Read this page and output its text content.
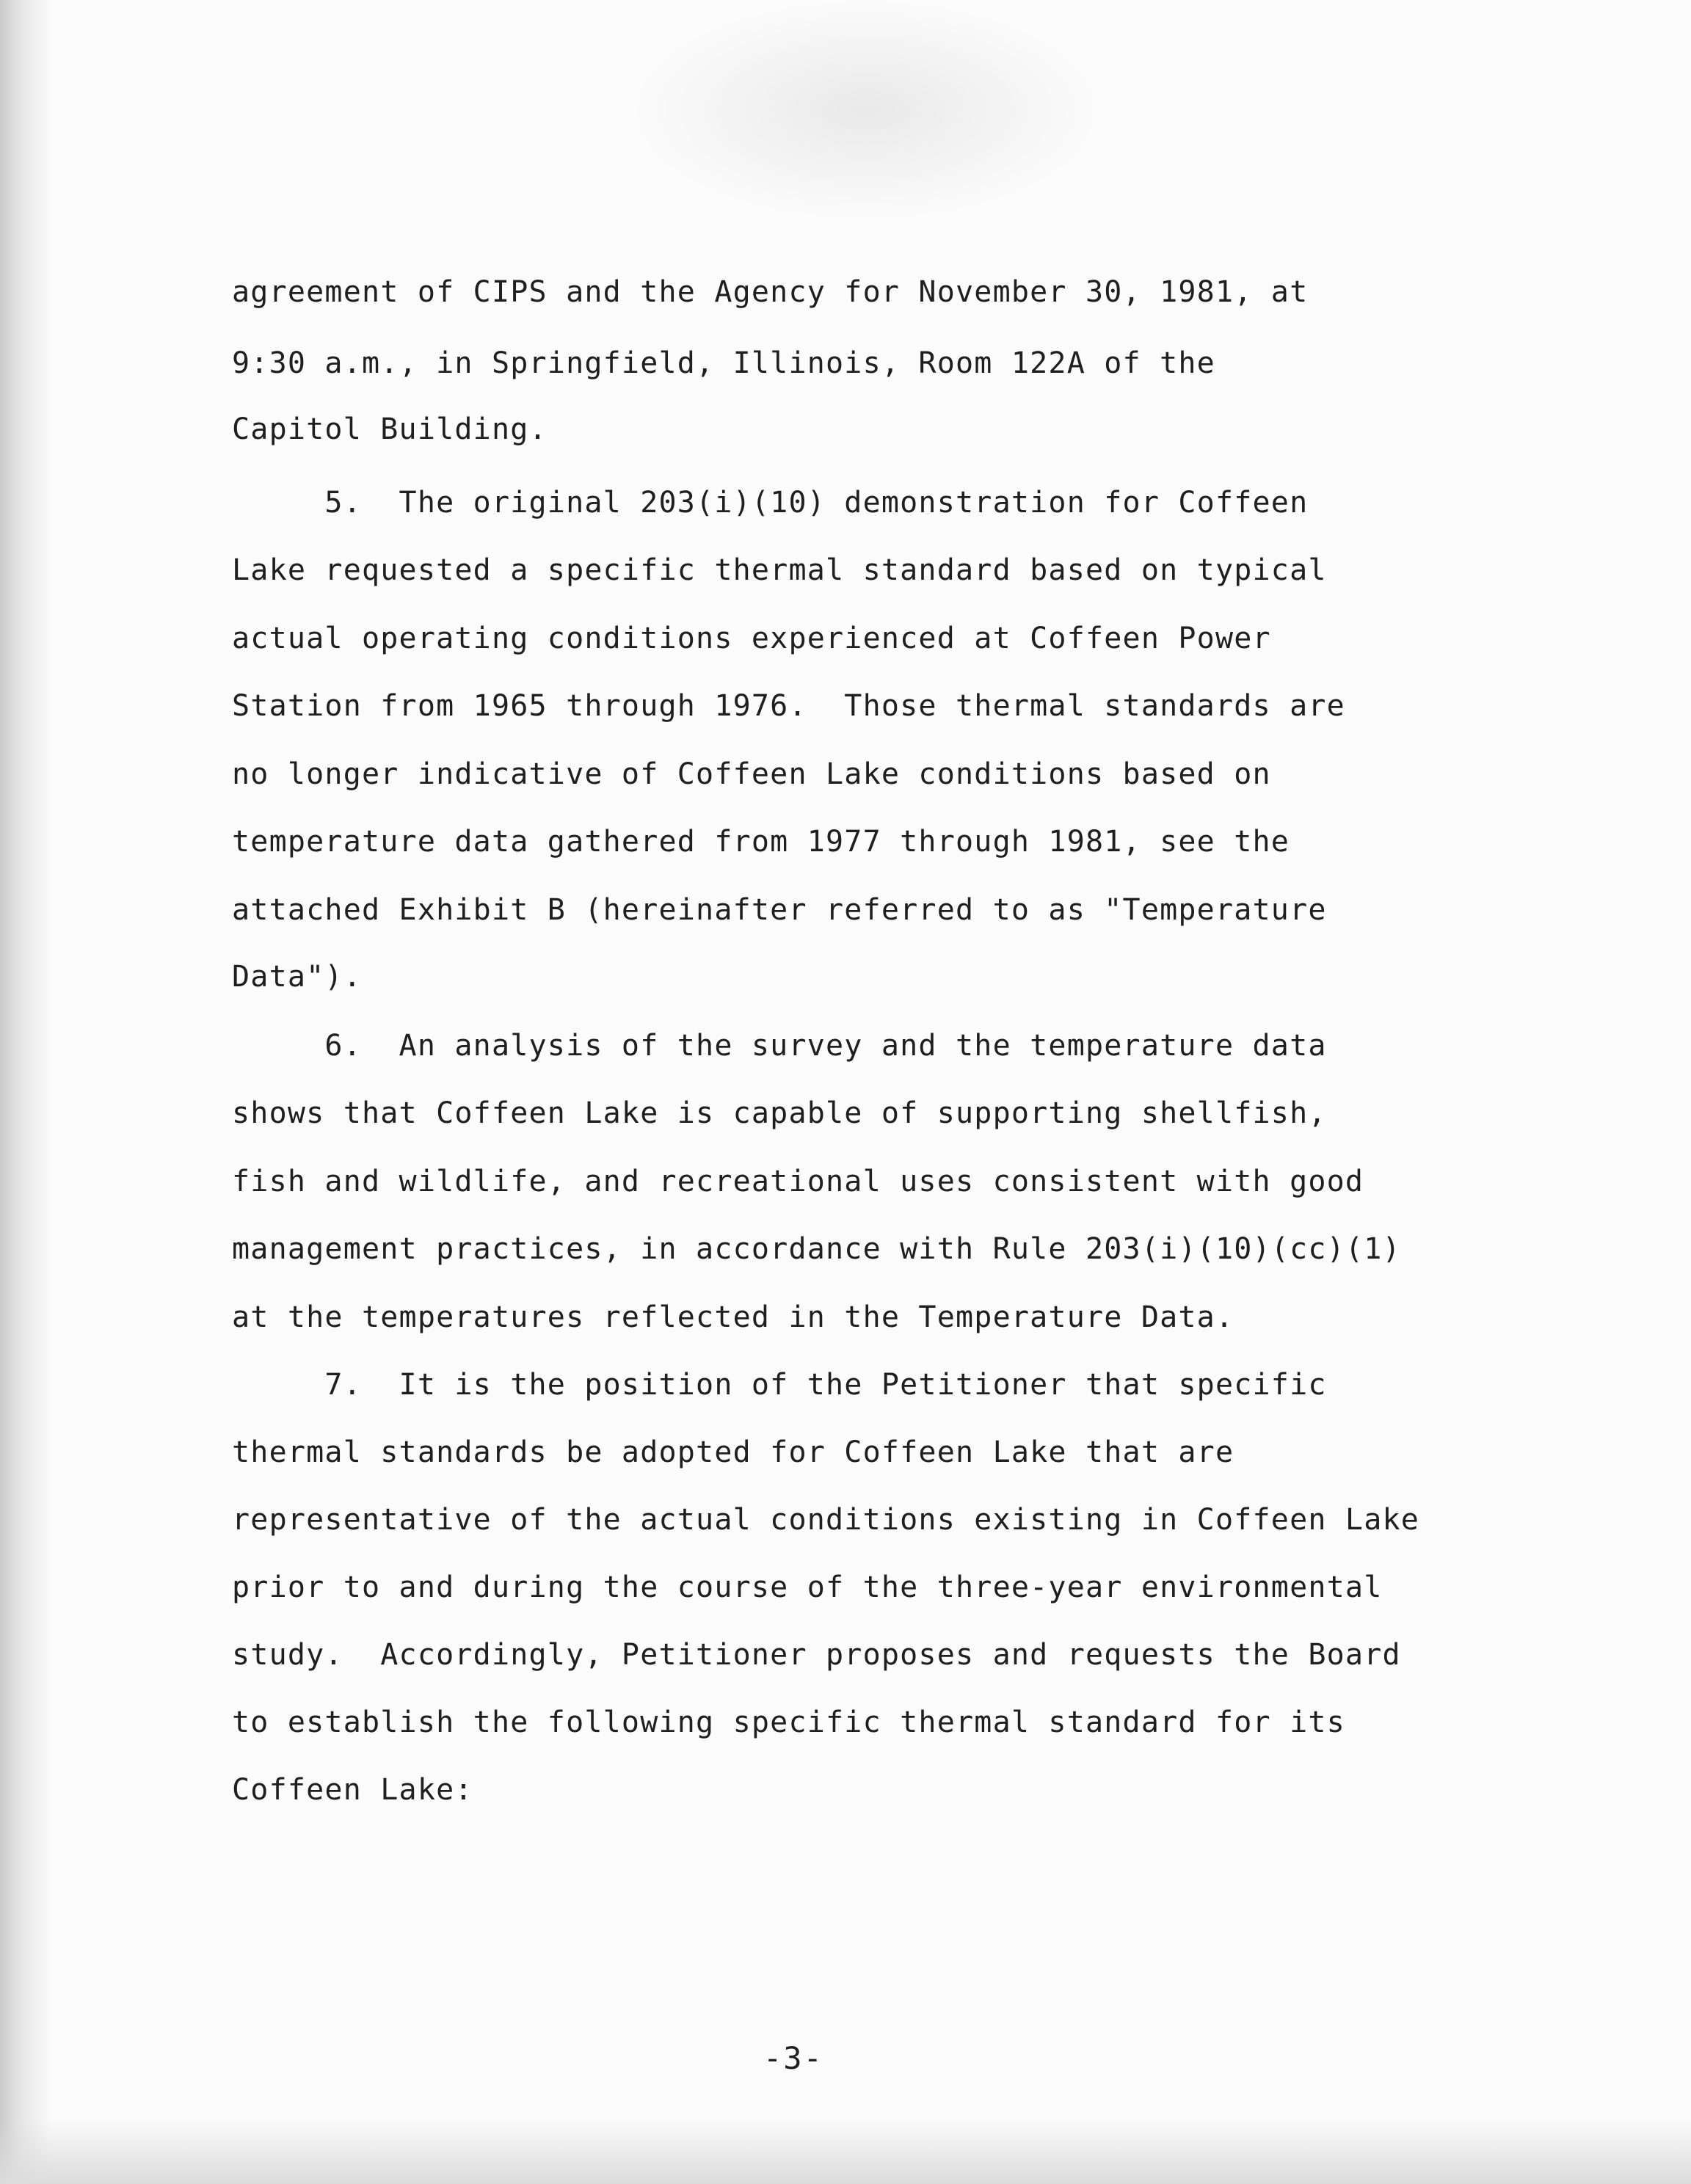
agreement of CIPS and the Agency for November 30, 1981, at
9:30 a.m., in Springfield, Illinois, Room 122A of the
Capitol Building.
5.  The original 203(i)(10) demonstration for Coffeen
Lake requested a specific thermal standard based on typical
actual operating conditions experienced at Coffeen Power
Station from 1965 through 1976.  Those thermal standards are
no longer indicative of Coffeen Lake conditions based on
temperature data gathered from 1977 through 1981, see the
attached Exhibit B (hereinafter referred to as "Temperature
Data").
6.  An analysis of the survey and the temperature data
shows that Coffeen Lake is capable of supporting shellfish,
fish and wildlife, and recreational uses consistent with good
management practices, in accordance with Rule 203(i)(10)(cc)(1)
at the temperatures reflected in the Temperature Data.
7.  It is the position of the Petitioner that specific
thermal standards be adopted for Coffeen Lake that are
representative of the actual conditions existing in Coffeen Lake
prior to and during the course of the three-year environmental
study.  Accordingly, Petitioner proposes and requests the Board
to establish the following specific thermal standard for its
Coffeen Lake:
-3-
